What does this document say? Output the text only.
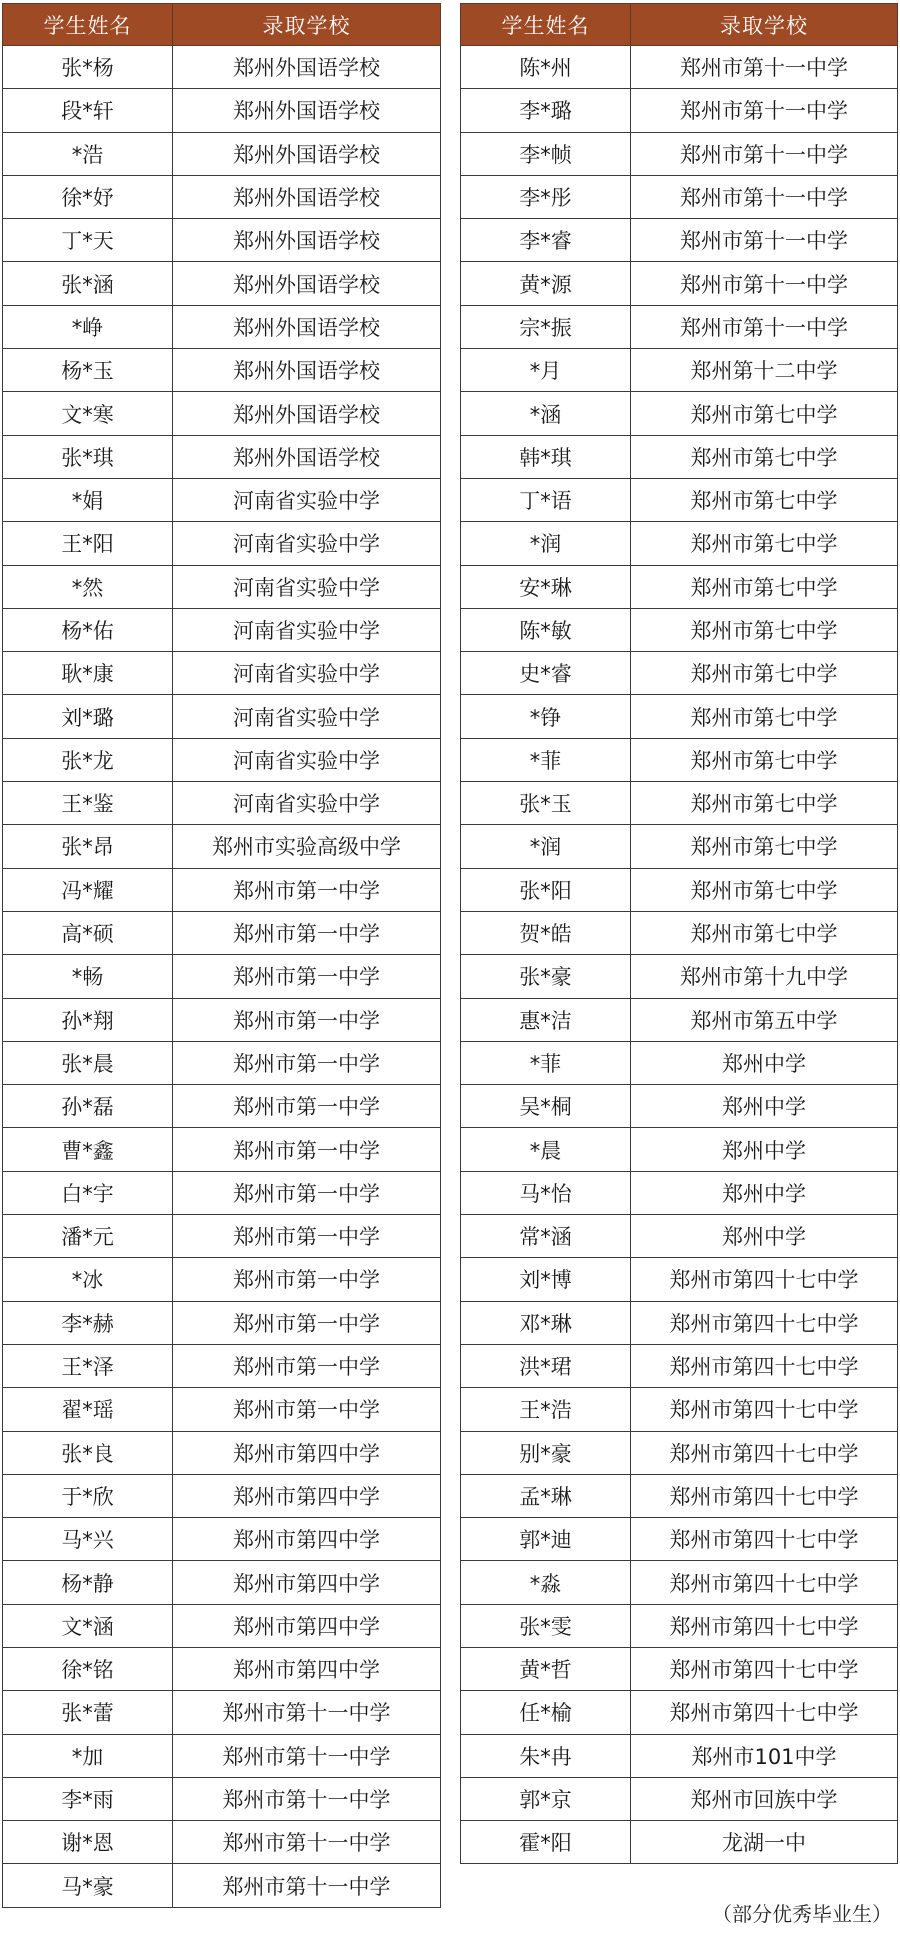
学生姓名	录取学校
张*杨	郑州外国语学校
段*轩	郑州外国语学校
*浩	郑州外国语学校
徐*妤	郑州外国语学校
丁*天	郑州外国语学校
张*涵	郑州外国语学校
*峥	郑州外国语学校
杨*玉	郑州外国语学校
文*寒	郑州外国语学校
张*琪	郑州外国语学校
*娟	河南省实验中学
王*阳	河南省实验中学
*然	河南省实验中学
杨*佑	河南省实验中学
耿*康	河南省实验中学
刘*璐	河南省实验中学
张*龙	河南省实验中学
王*鉴	河南省实验中学
张*昂	郑州市实验高级中学
冯*耀	郑州市第一中学
高*硕	郑州市第一中学
*畅	郑州市第一中学
孙*翔	郑州市第一中学
张*晨	郑州市第一中学
孙*磊	郑州市第一中学
曹*鑫	郑州市第一中学
白*宇	郑州市第一中学
潘*元	郑州市第一中学
*冰	郑州市第一中学
李*赫	郑州市第一中学
王*泽	郑州市第一中学
翟*瑶	郑州市第一中学
张*良	郑州市第四中学
于*欣	郑州市第四中学
马*兴	郑州市第四中学
杨*静	郑州市第四中学
文*涵	郑州市第四中学
徐*铭	郑州市第四中学
张*蕾	郑州市第十一中学
*加	郑州市第十一中学
李*雨	郑州市第十一中学
谢*恩	郑州市第十一中学
马*豪	郑州市第十一中学
学生姓名	录取学校
陈*州	郑州市第十一中学
李*璐	郑州市第十一中学
李*帧	郑州市第十一中学
李*彤	郑州市第十一中学
李*睿	郑州市第十一中学
黄*源	郑州市第十一中学
宗*振	郑州市第十一中学
*月	郑州第十二中学
*涵	郑州市第七中学
韩*琪	郑州市第七中学
丁*语	郑州市第七中学
*润	郑州市第七中学
安*琳	郑州市第七中学
陈*敏	郑州市第七中学
史*睿	郑州市第七中学
*铮	郑州市第七中学
*菲	郑州市第七中学
张*玉	郑州市第七中学
*润	郑州市第七中学
张*阳	郑州市第七中学
贺*皓	郑州市第七中学
张*豪	郑州市第十九中学
惠*洁	郑州市第五中学
*菲	郑州中学
吴*桐	郑州中学
*晨	郑州中学
马*怡	郑州中学
常*涵	郑州中学
刘*博	郑州市第四十七中学
邓*琳	郑州市第四十七中学
洪*珺	郑州市第四十七中学
王*浩	郑州市第四十七中学
别*豪	郑州市第四十七中学
孟*琳	郑州市第四十七中学
郭*迪	郑州市第四十七中学
*淼	郑州市第四十七中学
张*雯	郑州市第四十七中学
黄*哲	郑州市第四十七中学
任*榆	郑州市第四十七中学
朱*冉	郑州市101中学
郭*京	郑州市回族中学
霍*阳	龙湖一中
（部分优秀毕业生）
